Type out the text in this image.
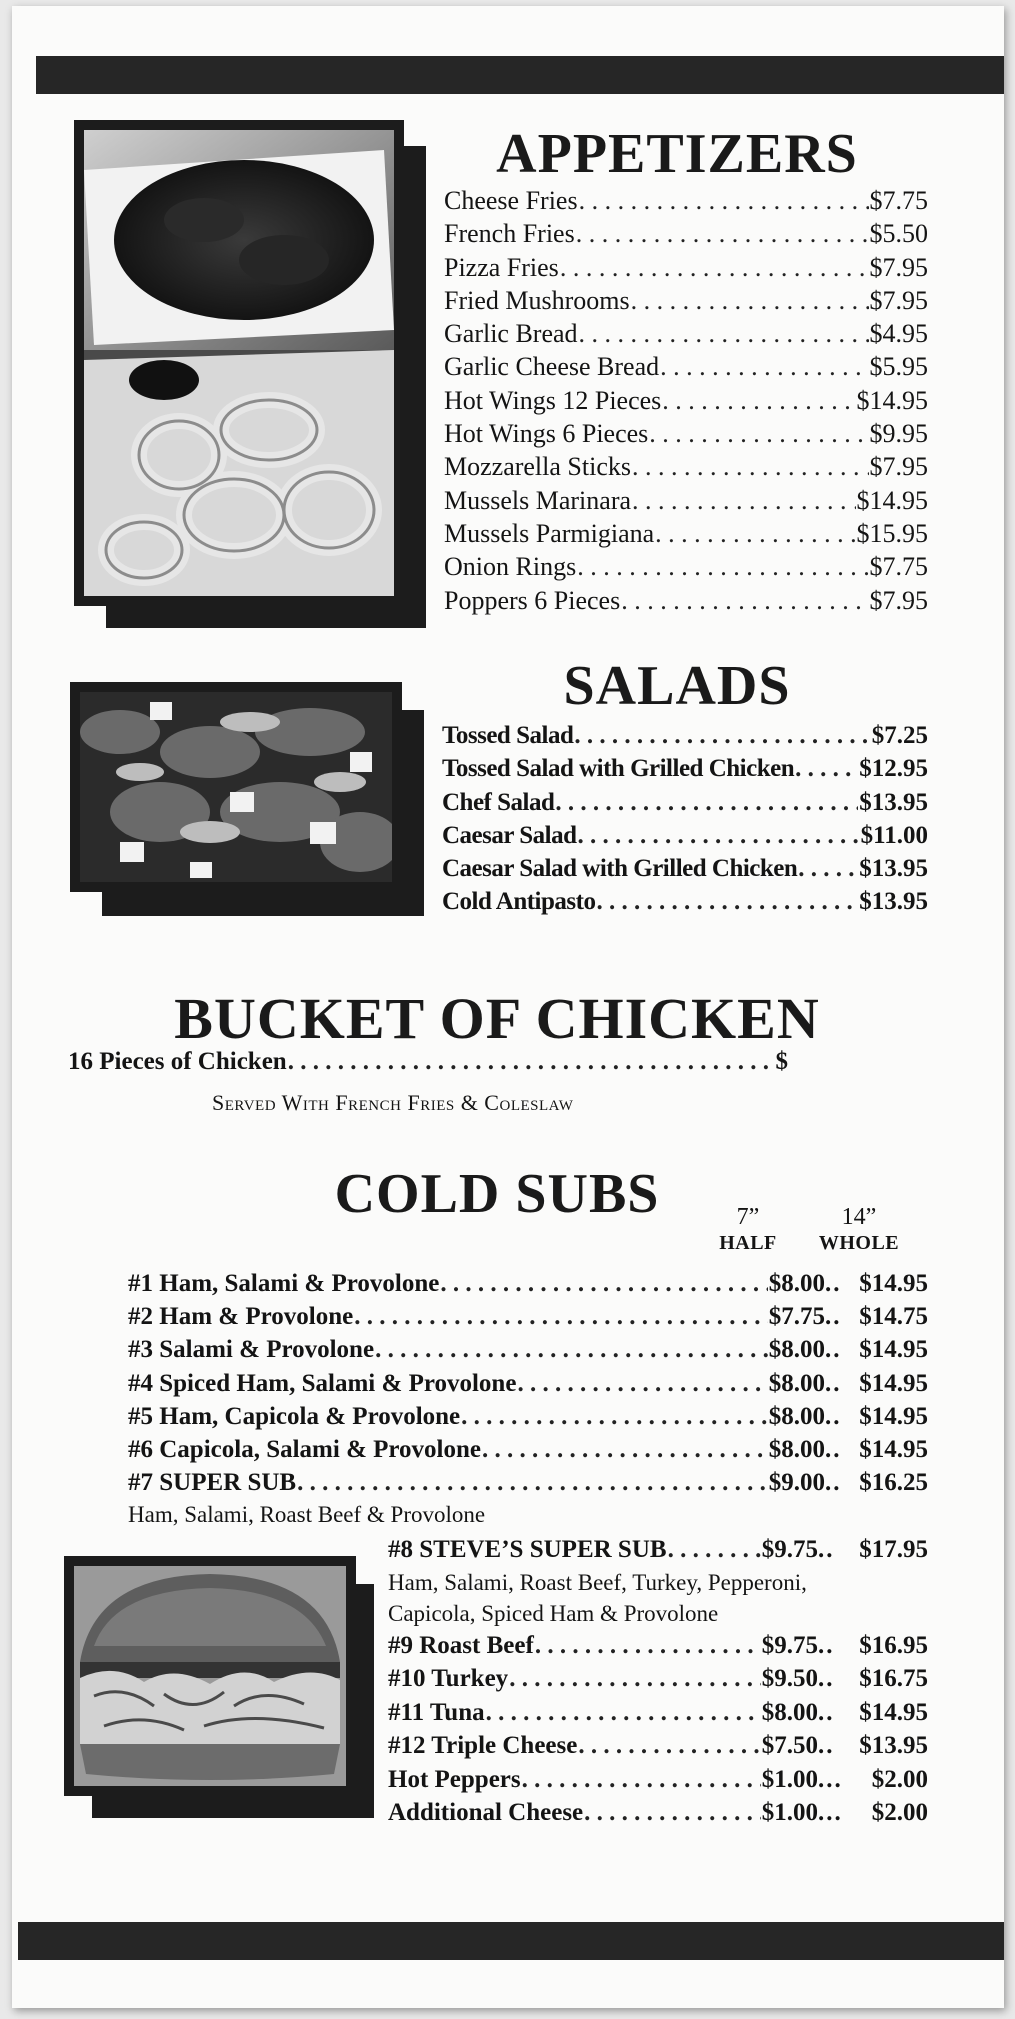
APPETIZERS
Cheese Fries . . .	$7.75
French Fries . . .	$5.50
Pizza Fries . . .	$7.95
Fried Mushrooms . . .	$7.95
Garlic Bread . . .	$4.95
Garlic Cheese Bread . . .	$5.95
Hot Wings 12 Pieces . . .	$14.95
Hot Wings 6 Pieces . . .	$9.95
Mozzarella Sticks . . .	$7.95
Mussels Marinara . . .	$14.95
Mussels Parmigiana . . .	$15.95
Onion Rings . . .	$7.75
Poppers 6 Pieces . . .	$7.95
SALADS
Tossed Salad . . .	$7.25
Tossed Salad with Grilled Chicken . . .	$12.95
Chef Salad . . .	$13.95
Caesar Salad . . .	$11.00
Caesar Salad with Grilled Chicken . . . $13.95
Cold Antipasto . . .	$13.95
BUCKET OF CHICKEN
16 Pieces of Chicken . . .	$
Served With French Fries & Coleslaw
COLD SUBS	7”
HALF
14”
WHOLE
#1 Ham, Salami & Provolone . . .	$8.00 .. $14.95
#2 Ham & Provolone . . .	$7.75 .. $14.75
#3 Salami & Provolone . . .	$8.00 .. $14.95
#4 Spiced Ham, Salami & Provolone . . .	$8.00 .. $14.95
#5 Ham, Capicola & Provolone . . .	$8.00 .. $14.95
#6 Capicola, Salami & Provolone . . .	$8.00 .. $14.95
#7 SUPER SUB . . .	$9.00 .. $16.25
Ham, Salami, Roast Beef & Provolone
#8 STEVE’S SUPER SUB . . .	$9.75 .. $17.95
Ham, Salami, Roast Beef, Turkey, Pepperoni,
Capicola, Spiced Ham & Provolone
#9 Roast Beef . . .	$9.75 .. $16.95
#10 Turkey . . .	$9.50 .. $16.75
#11 Tuna . . .	$8.00 .. $14.95
#12 Triple Cheese . . .	$7.50 .. $13.95
Hot Peppers . . .	$1.00 ...	$2.00
Additional Cheese . . .	$1.00 ...	$2.00
